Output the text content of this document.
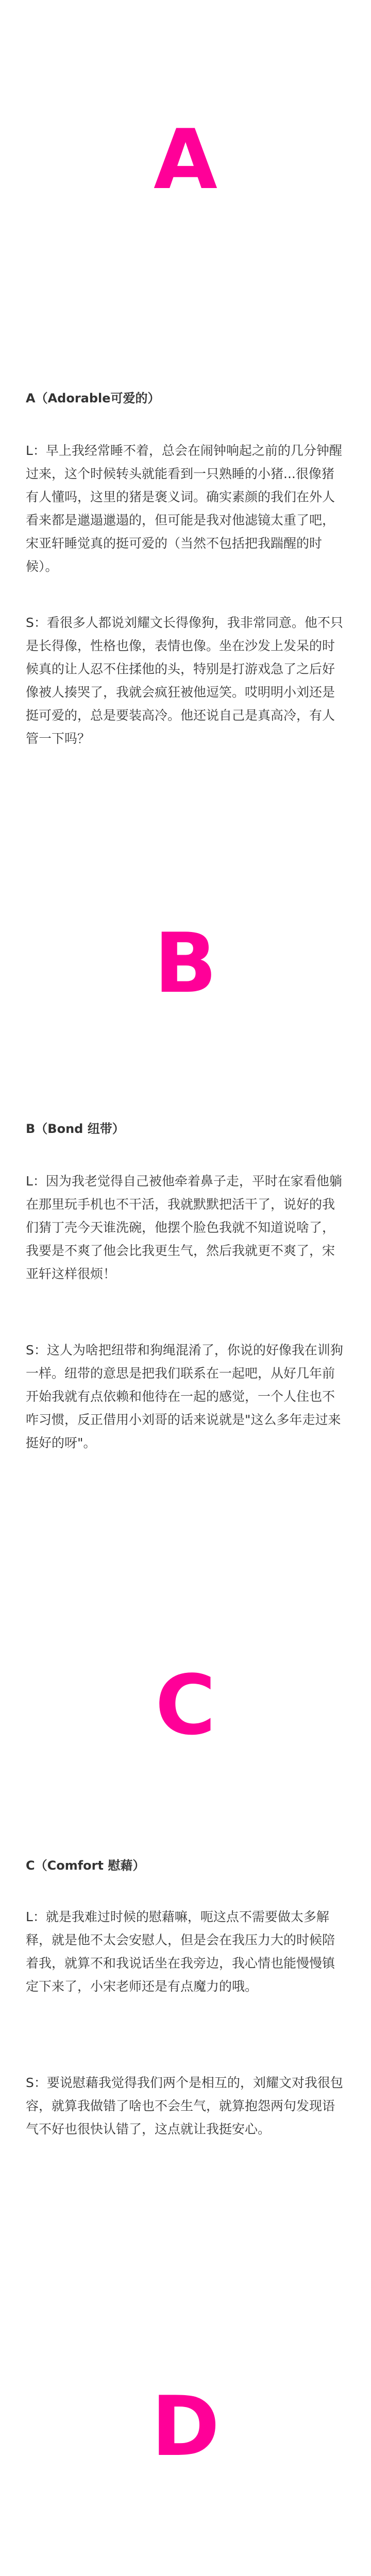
A
A（Adorable可爱的）

L：早上我经常睡不着，总会在闹钟响起之前的几分钟醒过来，这个时候转头就能看到一只熟睡的小猪...很像猪有人懂吗，这里的猪是褒义词。确实素颜的我们在外人看来都是邋遢邋遢的，但可能是我对他滤镜太重了吧，宋亚轩睡觉真的挺可爱的（当然不包括把我踹醒的时候）。

S：看很多人都说刘耀文长得像狗，我非常同意。他不只是长得像，性格也像，表情也像。坐在沙发上发呆的时候真的让人忍不住揉他的头，特别是打游戏急了之后好像被人揍哭了，我就会疯狂被他逗笑。哎明明小刘还是挺可爱的，总是要装高冷。他还说自己是真高冷，有人管一下吗？

B
B（Bond 纽带）

L：因为我老觉得自己被他牵着鼻子走，平时在家看他躺在那里玩手机也不干活，我就默默把活干了，说好的我们猜丁壳今天谁洗碗，他摆个脸色我就不知道说啥了，我要是不爽了他会比我更生气，然后我就更不爽了，宋亚轩这样很烦！

S：这人为啥把纽带和狗绳混淆了，你说的好像我在训狗一样。纽带的意思是把我们联系在一起吧，从好几年前开始我就有点依赖和他待在一起的感觉，一个人住也不咋习惯，反正借用小刘哥的话来说就是"这么多年走过来挺好的呀"。

C
C（Comfort 慰藉）

L：就是我难过时候的慰藉嘛，呃这点不需要做太多解释，就是他不太会安慰人，但是会在我压力大的时候陪着我，就算不和我说话坐在我旁边，我心情也能慢慢镇定下来了，小宋老师还是有点魔力的哦。

S：要说慰藉我觉得我们两个是相互的，刘耀文对我很包容，就算我做错了啥也不会生气，就算抱怨两句发现语气不好也很快认错了，这点就让我挺安心。

D
